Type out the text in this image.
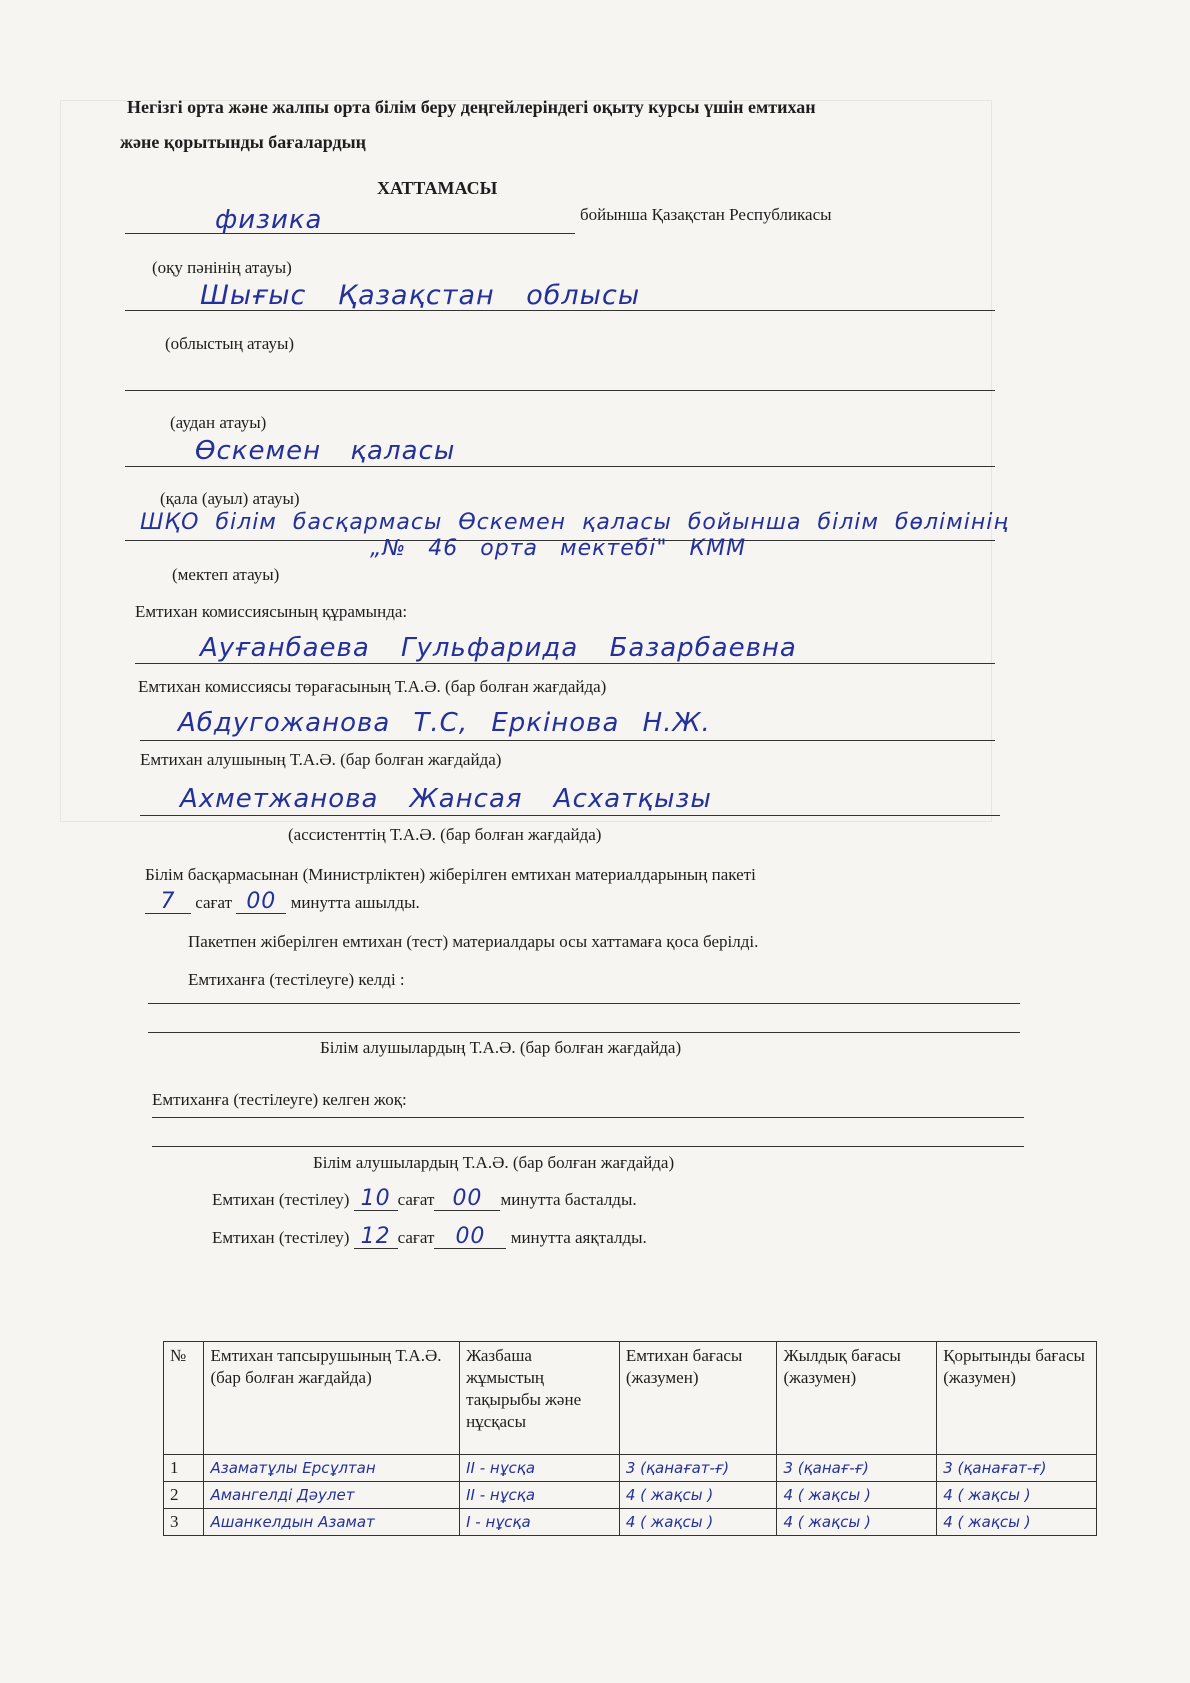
Негізгі орта және жалпы орта білім беру деңгейлеріндегі оқыту курсы үшін емтихан
және қорытынды бағалардың
ХАТТАМАСЫ
физика	бойынша Қазақстан Республикасы
(оқу пәнінің атауы)
Шығыс Қазақстан облысы
(облыстың атауы)
(аудан атауы)
Өскемен қаласы
(қала (ауыл) атауы)
ШҚО білім басқармасы Өскемен қаласы бойынша білім бөлімінің
„№ 46 орта мектебі" КММ
(мектеп атауы)
Емтихан комиссиясының құрамында:
Ауғанбаева Гульфарида Базарбаевна
Емтихан комиссиясы төрағасының Т.А.Ә. (бар болған жағдайда)
Абдугожанова Т.С, Еркінова Н.Ж.
Емтихан алушының Т.А.Ә. (бар болған жағдайда)
Ахметжанова Жансая Асхатқызы
(ассистенттің Т.А.Ә. (бар болған жағдайда)
Білім басқармасынан (Министрліктен) жіберілген емтихан материалдарының пакеті
7 сағат 00 минутта ашылды.
Пакетпен жіберілген емтихан (тест) материалдары осы хаттамаға қоса берілді.
Емтиханға (тестілеуге) келді :
Білім алушылардың Т.А.Ә. (бар болған жағдайда)
Емтиханға (тестілеуге) келген жоқ:
Білім алушылардың Т.А.Ә. (бар болған жағдайда)
Емтихан (тестілеу) 10 сағат 00 минутта басталды.
Емтихан (тестілеу) 12 сағат 00 минутта аяқталды.
№	Емтихан тапсырушының Т.А.Ә. (бар болған жағдайда)	Жазбаша жұмыстың тақырыбы және нұсқасы	Емтихан бағасы (жазумен)	Жылдық бағасы (жазумен)	Қорытынды бағасы (жазумен)
1	Азаматұлы Ерсұлтан	II - нұсқа	3 (қанағат-ғ)	3 (қанағ-ғ)	3 (қанағат-ғ)
2	Амангелді Дәулет	II - нұсқа	4 ( жақсы )	4 ( жақсы )	4 ( жақсы )
3	Ашанкелдын Азамат	I - нұсқа	4 ( жақсы )	4 ( жақсы )	4 ( жақсы )
